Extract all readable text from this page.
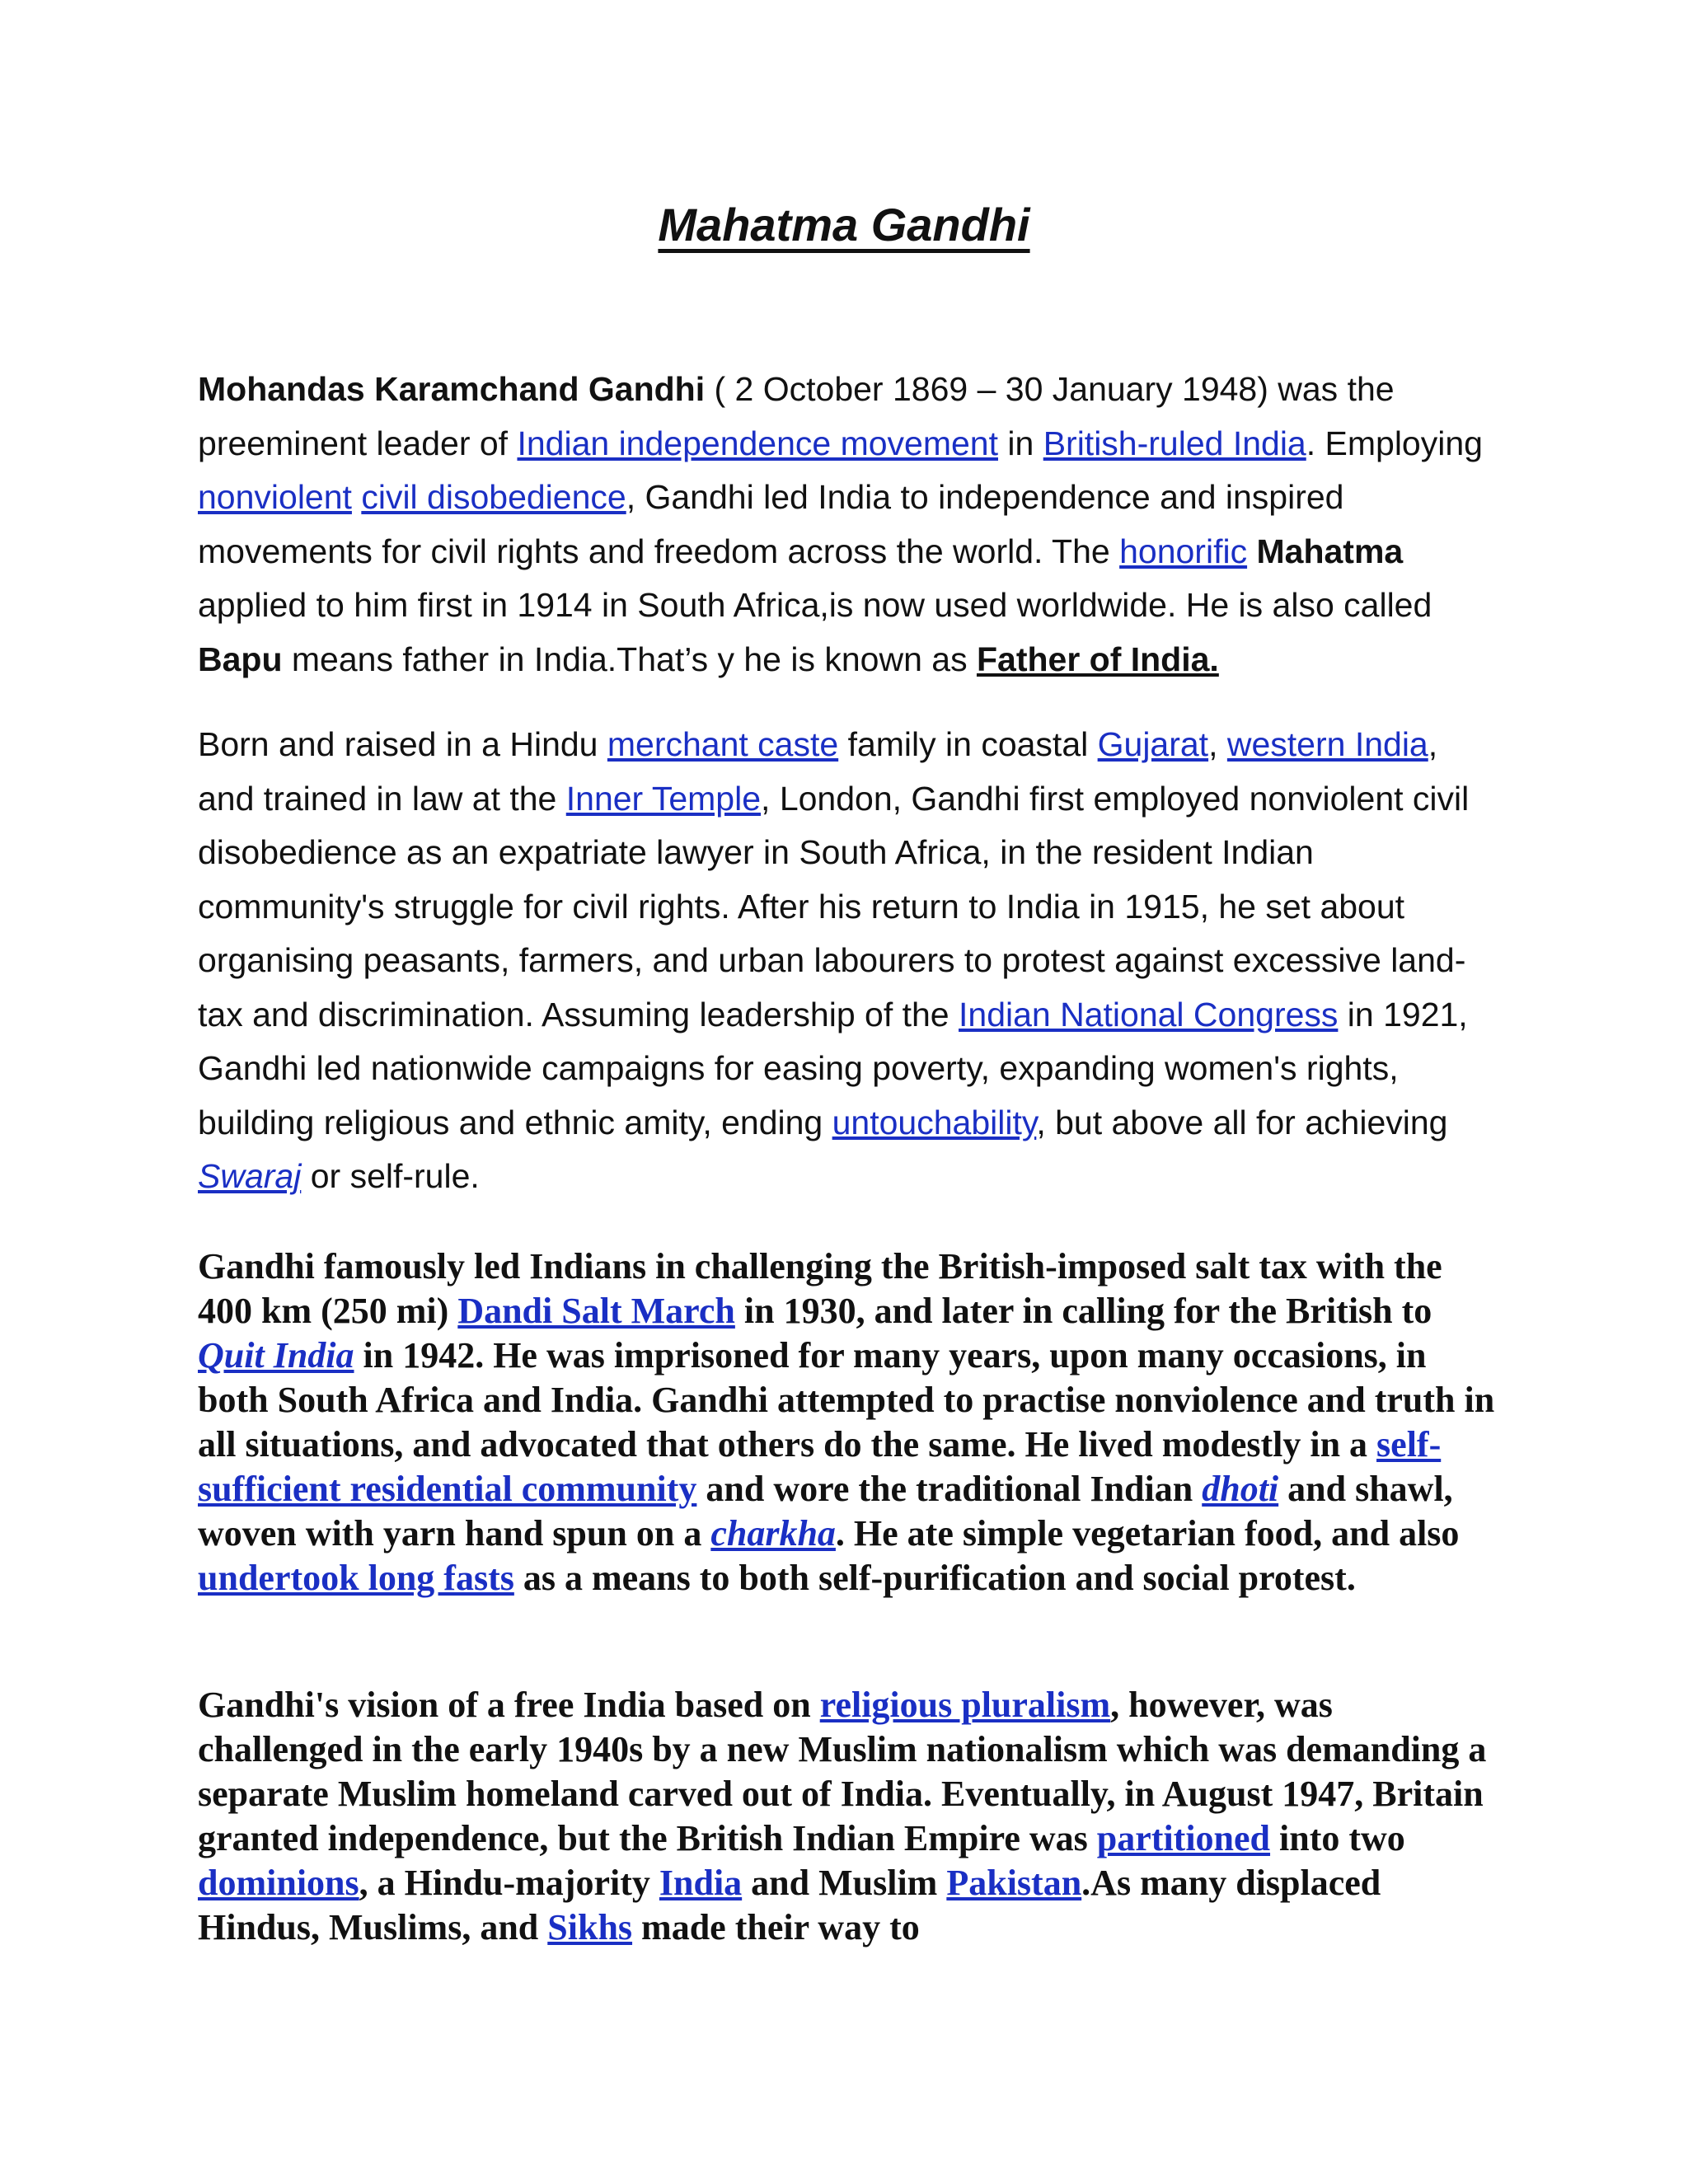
Mahatma Gandhi

Mohandas Karamchand Gandhi ( 2 October 1869 – 30 January 1948) was the preeminent leader of Indian independence movement in British-ruled India. Employing nonviolent civil disobedience, Gandhi led India to independence and inspired movements for civil rights and freedom across the world. The honorific Mahatma applied to him first in 1914 in South Africa,is now used worldwide. He is also called Bapu means father in India.That’s y he is known as Father of India.

Born and raised in a Hindu merchant caste family in coastal Gujarat, western India, and trained in law at the Inner Temple, London, Gandhi first employed nonviolent civil disobedience as an expatriate lawyer in South Africa, in the resident Indian community's struggle for civil rights. After his return to India in 1915, he set about organising peasants, farmers, and urban labourers to protest against excessive land-tax and discrimination. Assuming leadership of the Indian National Congress in 1921, Gandhi led nationwide campaigns for easing poverty, expanding women's rights, building religious and ethnic amity, ending untouchability, but above all for achieving Swaraj or self-rule.

Gandhi famously led Indians in challenging the British-imposed salt tax with the 400 km (250 mi) Dandi Salt March in 1930, and later in calling for the British to Quit India in 1942. He was imprisoned for many years, upon many occasions, in both South Africa and India. Gandhi attempted to practise nonviolence and truth in all situations, and advocated that others do the same. He lived modestly in a self-sufficient residential community and wore the traditional Indian dhoti and shawl, woven with yarn hand spun on a charkha. He ate simple vegetarian food, and also undertook long fasts as a means to both self-purification and social protest.

Gandhi's vision of a free India based on religious pluralism, however, was challenged in the early 1940s by a new Muslim nationalism which was demanding a separate Muslim homeland carved out of India. Eventually, in August 1947, Britain granted independence, but the British Indian Empire was partitioned into two dominions, a Hindu-majority India and Muslim Pakistan.As many displaced Hindus, Muslims, and Sikhs made their way to
